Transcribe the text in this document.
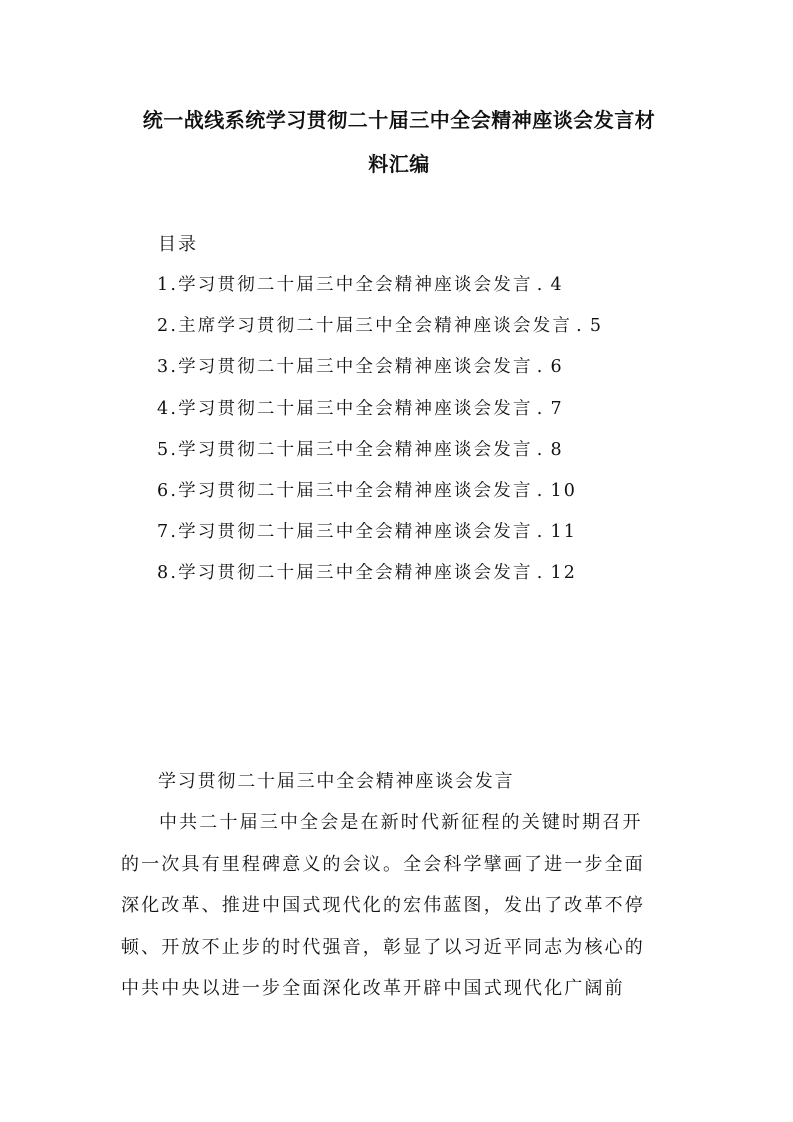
统一战线系统学习贯彻二十届三中全会精神座谈会发言材
料汇编
目录
1.学习贯彻二十届三中全会精神座谈会发言 . 4
2.主席学习贯彻二十届三中全会精神座谈会发言 . 5
3.学习贯彻二十届三中全会精神座谈会发言 . 6
4.学习贯彻二十届三中全会精神座谈会发言 . 7
5.学习贯彻二十届三中全会精神座谈会发言 . 8
6.学习贯彻二十届三中全会精神座谈会发言 . 10
7.学习贯彻二十届三中全会精神座谈会发言 . 11
8.学习贯彻二十届三中全会精神座谈会发言 . 12
学习贯彻二十届三中全会精神座谈会发言
中共二十届三中全会是在新时代新征程的关键时期召开
的一次具有里程碑意义的会议。全会科学擘画了进一步全面
深化改革、推进中国式现代化的宏伟蓝图，发出了改革不停
顿、开放不止步的时代强音，彰显了以习近平同志为核心的
中共中央以进一步全面深化改革开辟中国式现代化广阔前
